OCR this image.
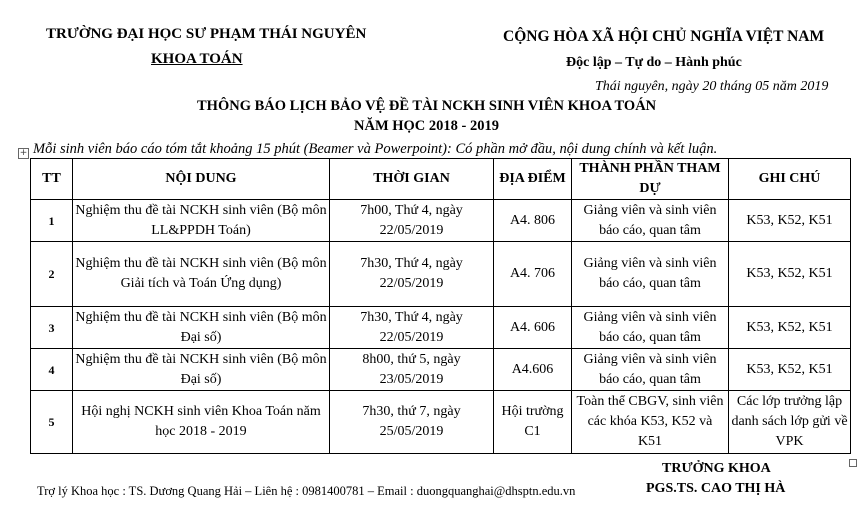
TRƯỜNG ĐẠI HỌC SƯ PHẠM THÁI NGUYÊN
KHOA TOÁN
CỘNG HÒA XÃ HỘI CHỦ NGHĨA VIỆT NAM
Độc lập – Tự do – Hành phúc
Thái nguyên, ngày 20 tháng 05 năm 2019
THÔNG BÁO LỊCH BẢO VỆ ĐỀ TÀI NCKH SINH VIÊN KHOA TOÁN
NĂM HỌC 2018 - 2019
Mỗi sinh viên báo cáo tóm tắt khoảng 15 phút (Beamer và Powerpoint): Có phần mở đầu, nội dung chính và kết luận.
+
TT	NỘI DUNG	THỜI GIAN	ĐỊA ĐIỂM	THÀNH PHẦN THAM DỰ	GHI CHÚ
1	Nghiệm thu đề tài NCKH sinh viên (Bộ môn LL&PPDH Toán)	7h00, Thứ 4, ngày 22/05/2019	A4. 806	Giảng viên và sinh viên báo cáo, quan tâm	K53, K52, K51
2	Nghiệm thu đề tài NCKH sinh viên (Bộ môn Giải tích và Toán Ứng dụng)	7h30, Thứ 4, ngày 22/05/2019	A4. 706	Giảng viên và sinh viên báo cáo, quan tâm	K53, K52, K51
3	Nghiệm thu đề tài NCKH sinh viên (Bộ môn Đại số)	7h30, Thứ 4, ngày 22/05/2019	A4. 606	Giảng viên và sinh viên báo cáo, quan tâm	K53, K52, K51
4	Nghiệm thu đề tài NCKH sinh viên (Bộ môn Đại số)	8h00, thứ 5, ngày 23/05/2019	A4.606	Giảng viên và sinh viên báo cáo, quan tâm	K53, K52, K51
5	Hội nghị NCKH sinh viên Khoa Toán năm học 2018 - 2019	7h30, thứ 7, ngày 25/05/2019	Hội trường C1	Toàn thể CBGV, sinh viên các khóa K53, K52 và K51	Các lớp trưởng lập danh sách lớp gửi về VPK
TRƯỞNG KHOA
PGS.TS. CAO THỊ HÀ
Trợ lý Khoa học : TS. Dương Quang Hải – Liên hệ : 0981400781 – Email : duongquanghai@dhsptn.edu.vn
